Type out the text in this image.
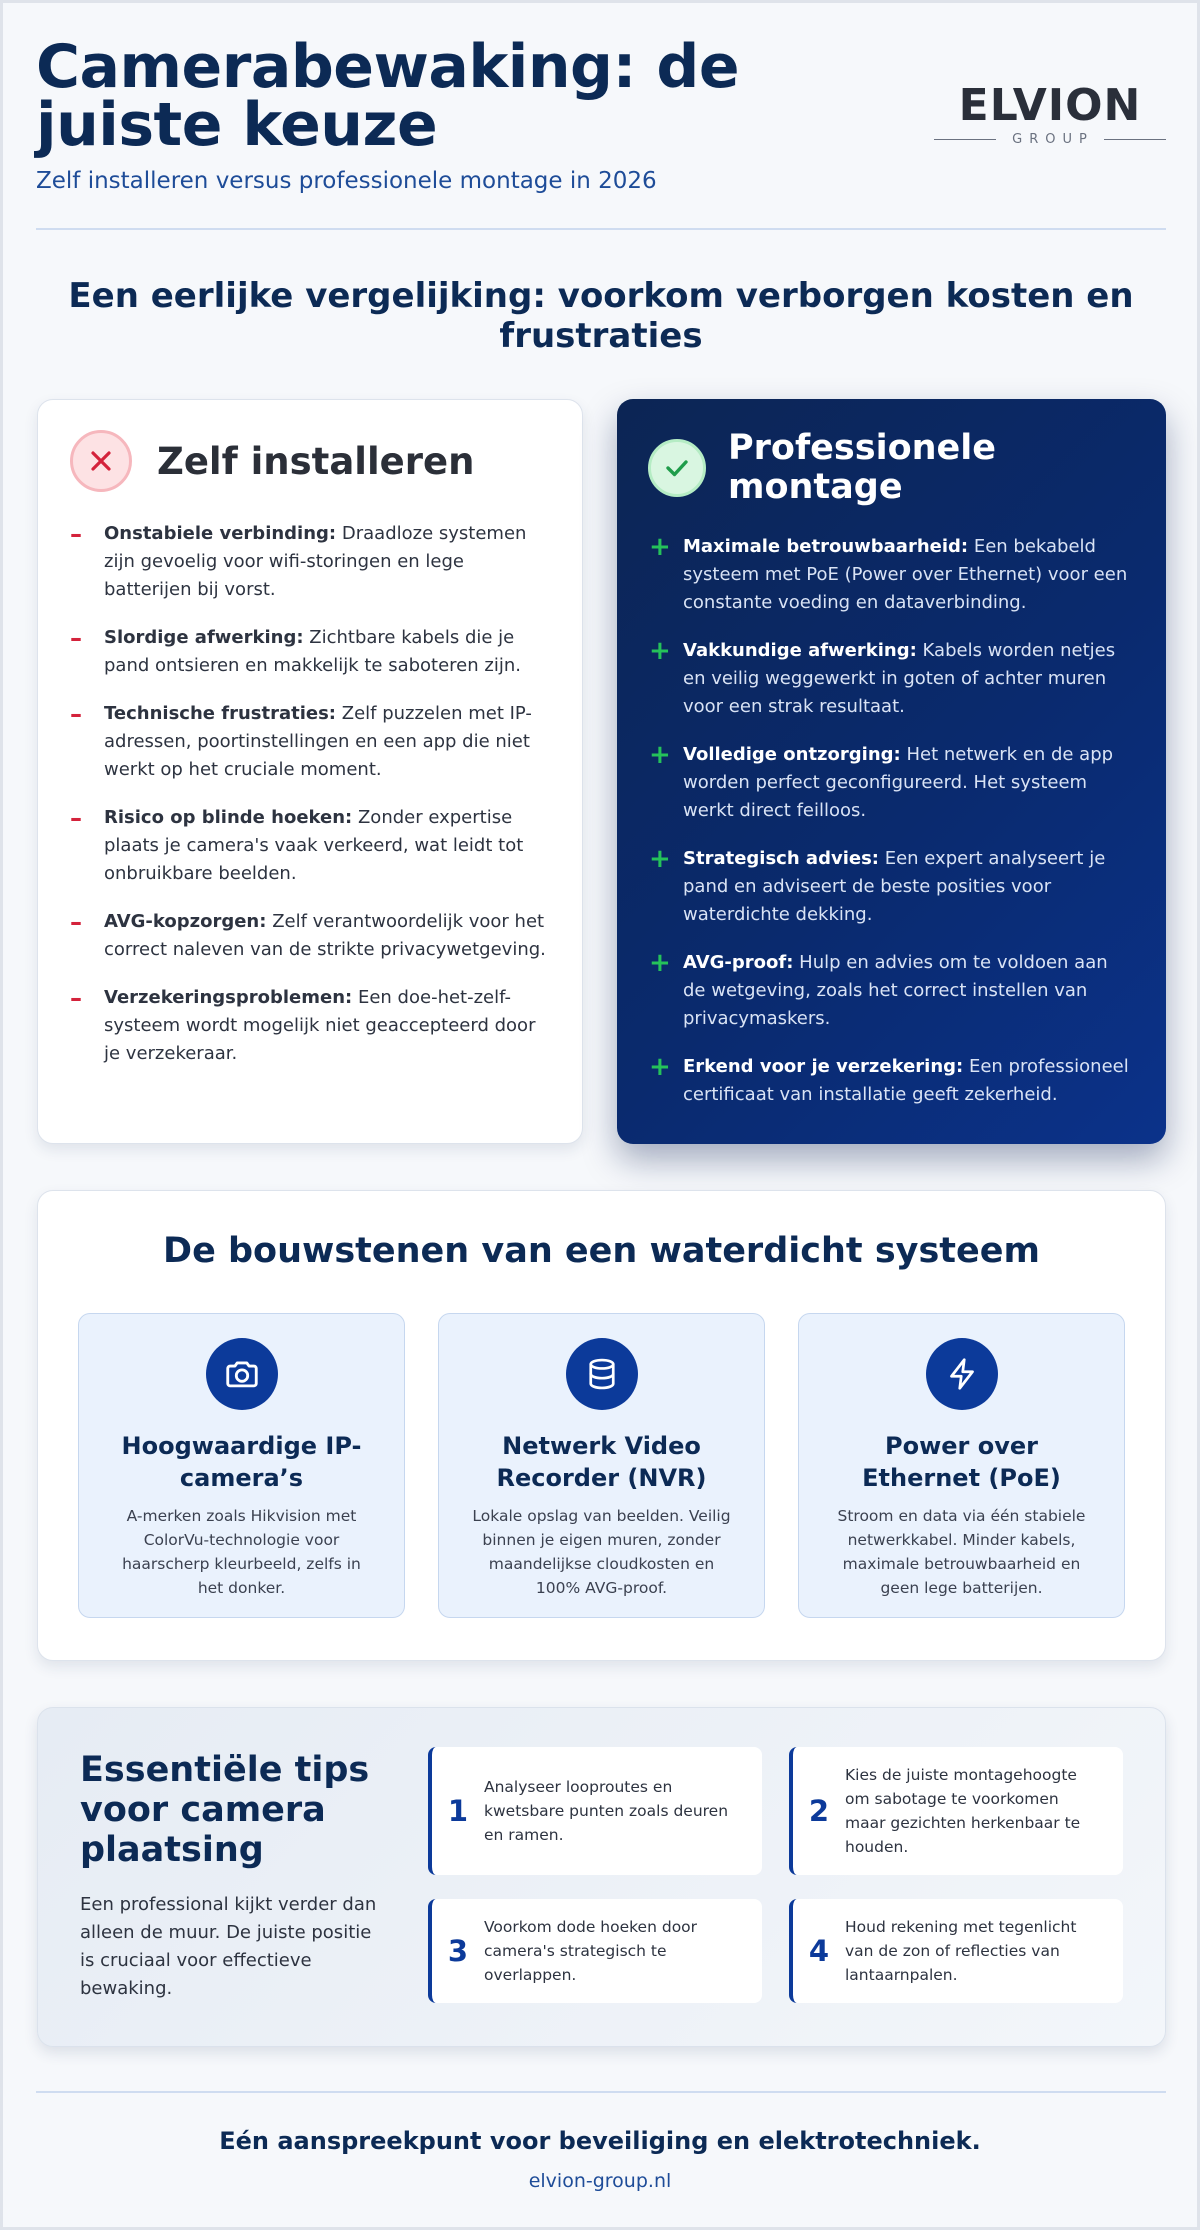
Camerabewaking: de juiste keuze
Zelf installeren versus professionele montage in 2026
ELVION
GROUP
Een eerlijke vergelijking: voorkom verborgen kosten en frustraties
Zelf installeren
–	Onstabiele verbinding: Draadloze systemen zijn gevoelig voor wifi-storingen en lege batterijen bij vorst.
–	Slordige afwerking: Zichtbare kabels die je pand ontsieren en makkelijk te saboteren zijn.
–	Technische frustraties: Zelf puzzelen met IP-adressen, poortinstellingen en een app die niet werkt op het cruciale moment.
–	Risico op blinde hoeken: Zonder expertise plaats je camera's vaak verkeerd, wat leidt tot onbruikbare beelden.
–	AVG-kopzorgen: Zelf verantwoordelijk voor het correct naleven van de strikte privacywetgeving.
–	Verzekeringsproblemen: Een doe-het-zelf-systeem wordt mogelijk niet geaccepteerd door je verzekeraar.
Professionele montage
+ Maximale betrouwbaarheid: Een bekabeld systeem met PoE (Power over Ethernet) voor een constante voeding en dataverbinding.
+ Vakkundige afwerking: Kabels worden netjes en veilig weggewerkt in goten of achter muren voor een strak resultaat.
+ Volledige ontzorging: Het netwerk en de app worden perfect geconfigureerd. Het systeem werkt direct feilloos.
+ Strategisch advies: Een expert analyseert je pand en adviseert de beste posities voor waterdichte dekking.
+ AVG-proof: Hulp en advies om te voldoen aan de wetgeving, zoals het correct instellen van privacymaskers.
+ Erkend voor je verzekering: Een professioneel certificaat van installatie geeft zekerheid.
De bouwstenen van een waterdicht systeem
Hoogwaardige IP-camera’s
A-merken zoals Hikvision met ColorVu-technologie voor haarscherp kleurbeeld, zelfs in het donker.
Netwerk Video Recorder (NVR)
Lokale opslag van beelden. Veilig binnen je eigen muren, zonder maandelijkse cloudkosten en 100% AVG-proof.
Power over Ethernet (PoE)
Stroom en data via één stabiele netwerkkabel. Minder kabels, maximale betrouwbaarheid en geen lege batterijen.
Essentiële tips voor camera plaatsing
Een professional kijkt verder dan alleen de muur. De juiste positie is cruciaal voor effectieve bewaking.
1
Analyseer looproutes en kwetsbare punten zoals deuren en ramen.
2
Kies de juiste montagehoogte om sabotage te voorkomen maar gezichten herkenbaar te houden.
3
Voorkom dode hoeken door camera's strategisch te overlappen.
4
Houd rekening met tegenlicht van de zon of reflecties van lantaarnpalen.
Eén aanspreekpunt voor beveiliging en elektrotechniek.
elvion-group.nl
